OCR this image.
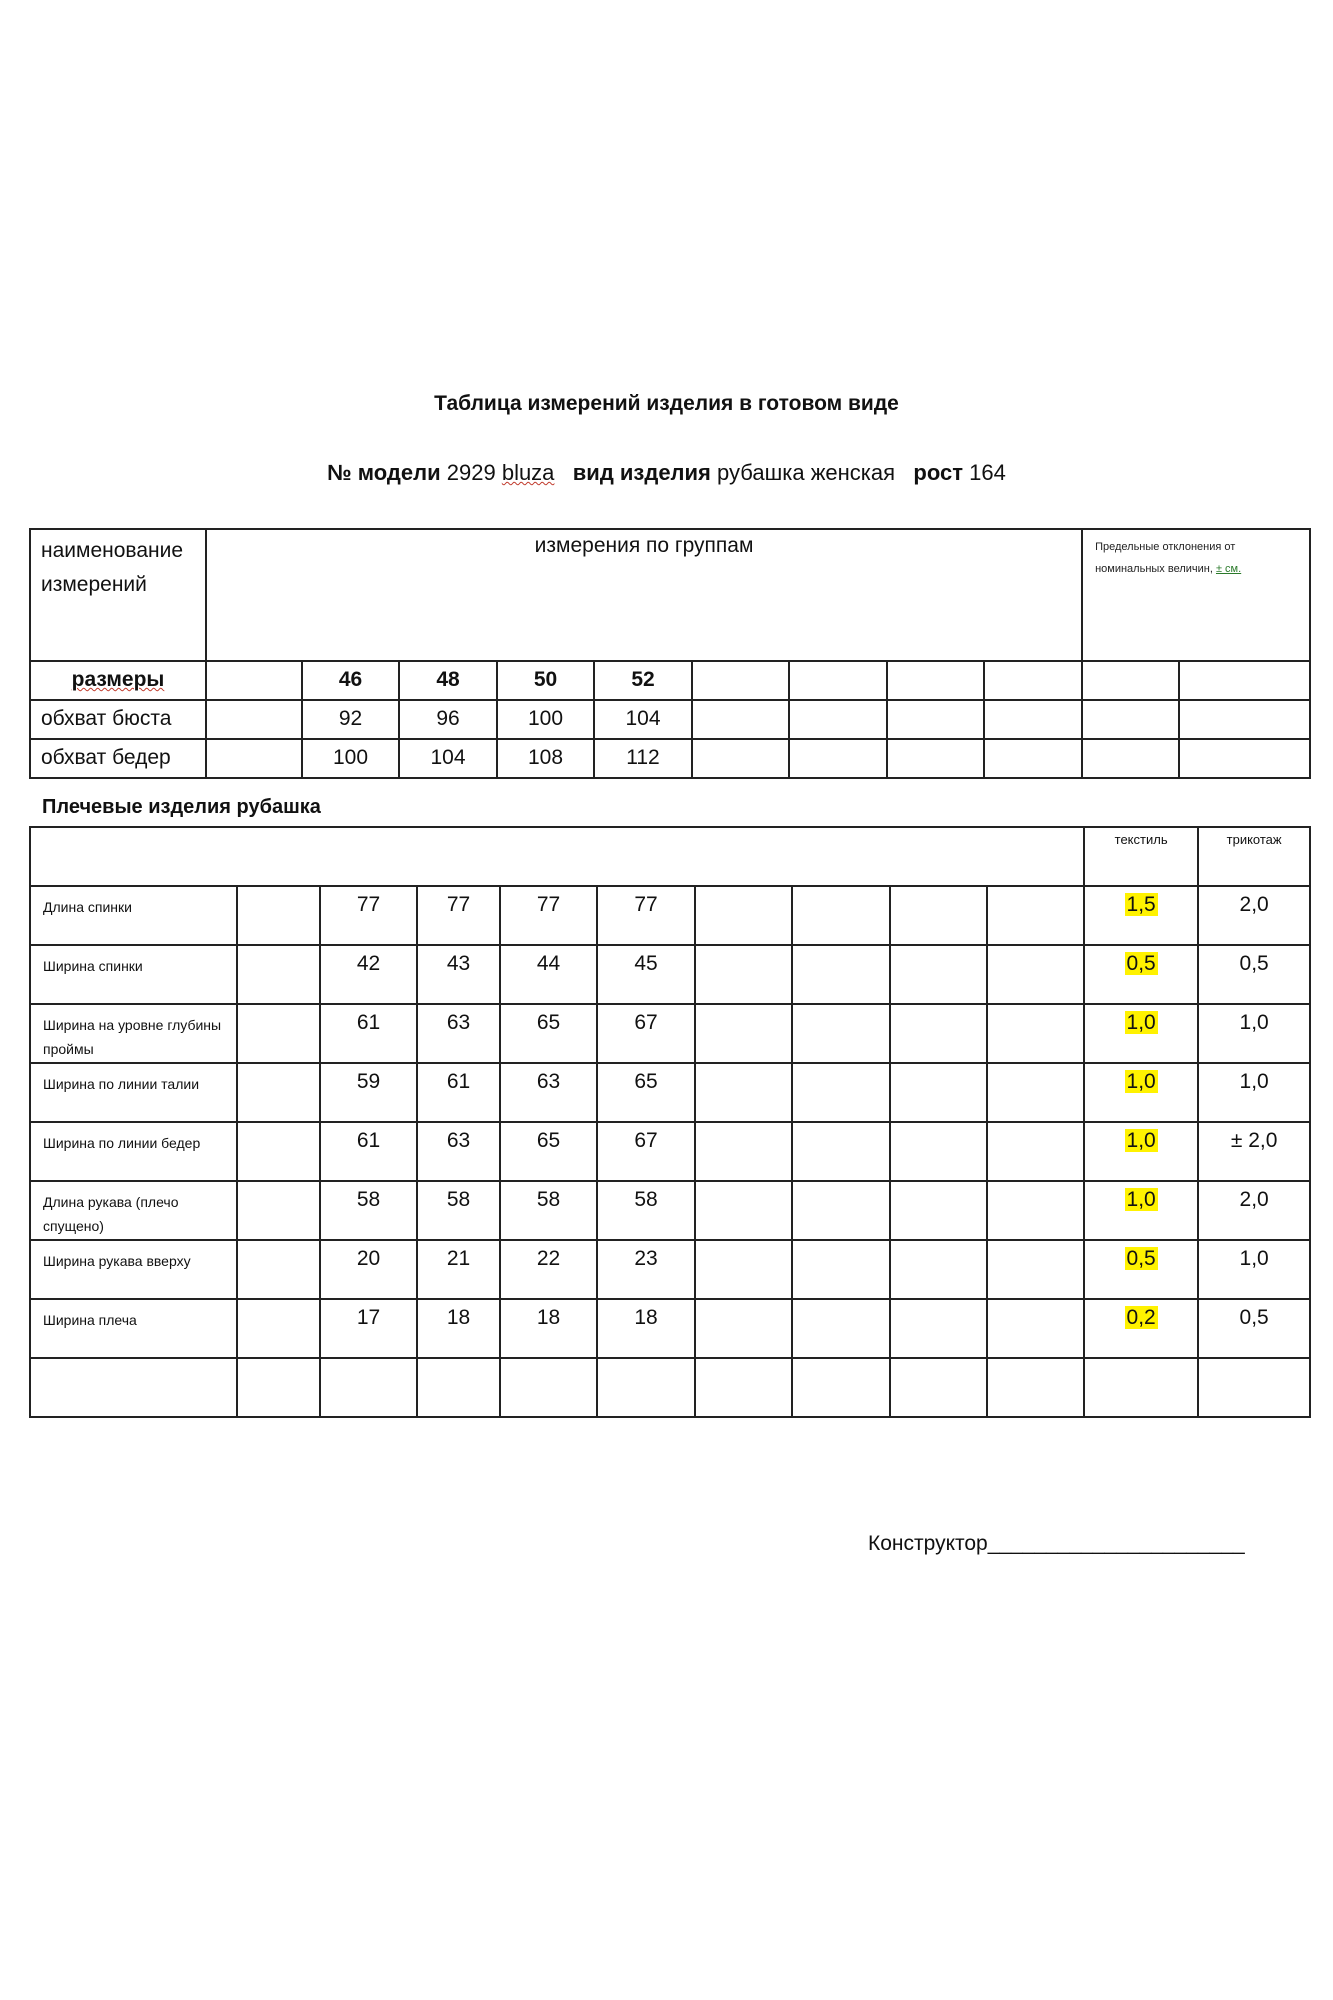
Таблица измерений изделия в готовом виде
№ модели 2929 bluza вид изделия рубашка женская рост 164
наименование измерений	измерения по группам									Предельные отклонения от номинальных величин, ± см.	
размеры		46	48	50	52						
обхват бюста		92	96	100	104						
обхват бедер		100	104	108	112						
Плечевые изделия рубашка
										текстиль	трикотаж
Длина спинки		77	77	77	77					1,5	2,0
Ширина спинки		42	43	44	45					0,5	0,5
Ширина на уровне глубины проймы		61	63	65	67					1,0	1,0
Ширина по линии талии		59	61	63	65					1,0	1,0
Ширина по линии бедер		61	63	65	67					1,0	± 2,0
Длина рукава (плечо спущено)		58	58	58	58					1,0	2,0
Ширина рукава вверху		20	21	22	23					0,5	1,0
Ширина плеча		17	18	18	18					0,2	0,5

Конструктор______________________
